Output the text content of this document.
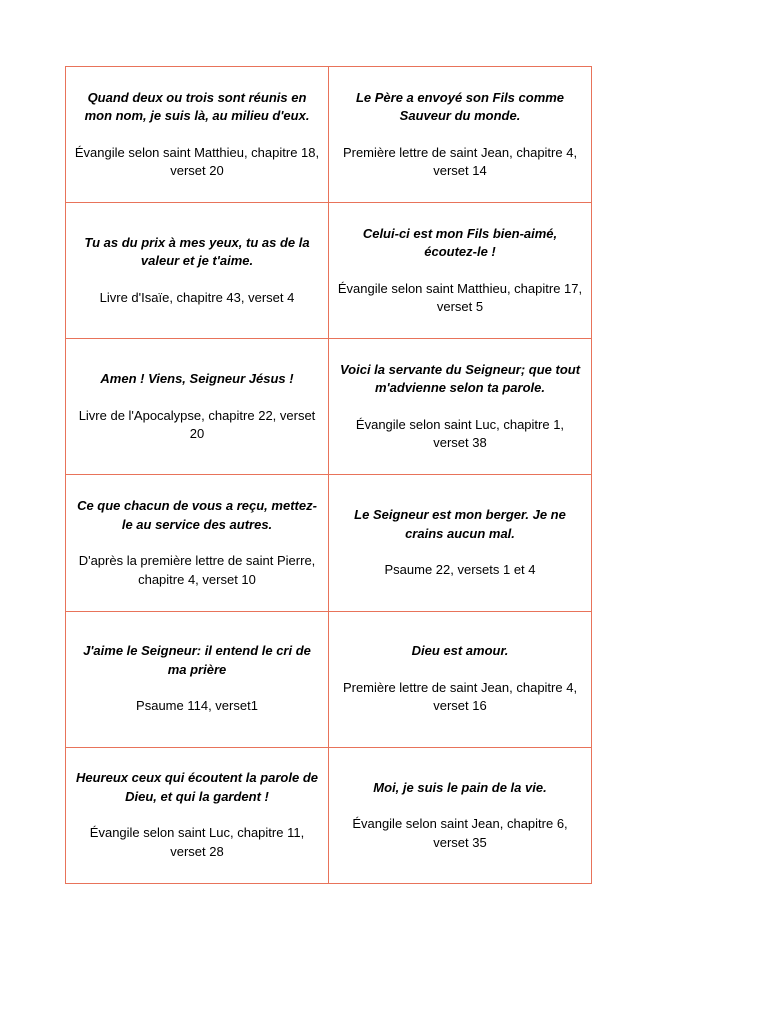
Quand deux ou trois sont réunis en mon nom, je suis là, au milieu d'eux.
Évangile selon saint Matthieu, chapitre 18, verset 20	Le Père a envoyé son Fils comme Sauveur du monde.
Première lettre de saint Jean, chapitre 4, verset 14

Tu as du prix à mes yeux, tu as de la valeur et je t'aime.
Livre d'Isaïe, chapitre 43, verset 4	Celui-ci est mon Fils bien-aimé, écoutez-le !
Évangile selon saint Matthieu, chapitre 17, verset 5

Amen ! Viens, Seigneur Jésus !
Livre de l'Apocalypse, chapitre 22, verset 20	Voici la servante du Seigneur; que tout m'advienne selon ta parole.
Évangile selon saint Luc, chapitre 1, verset 38

Ce que chacun de vous a reçu, mettez-le au service des autres.
D'après la première lettre de saint Pierre, chapitre 4, verset 10	Le Seigneur est mon berger. Je ne crains aucun mal.
Psaume 22, versets 1 et 4

J'aime le Seigneur: il entend le cri de ma prière
Psaume 114, verset1	Dieu est amour.
Première lettre de saint Jean, chapitre 4, verset 16

Heureux ceux qui écoutent la parole de Dieu, et qui la gardent !
Évangile selon saint Luc, chapitre 11, verset 28	Moi, je suis le pain de la vie.
Évangile selon saint Jean, chapitre 6, verset 35
